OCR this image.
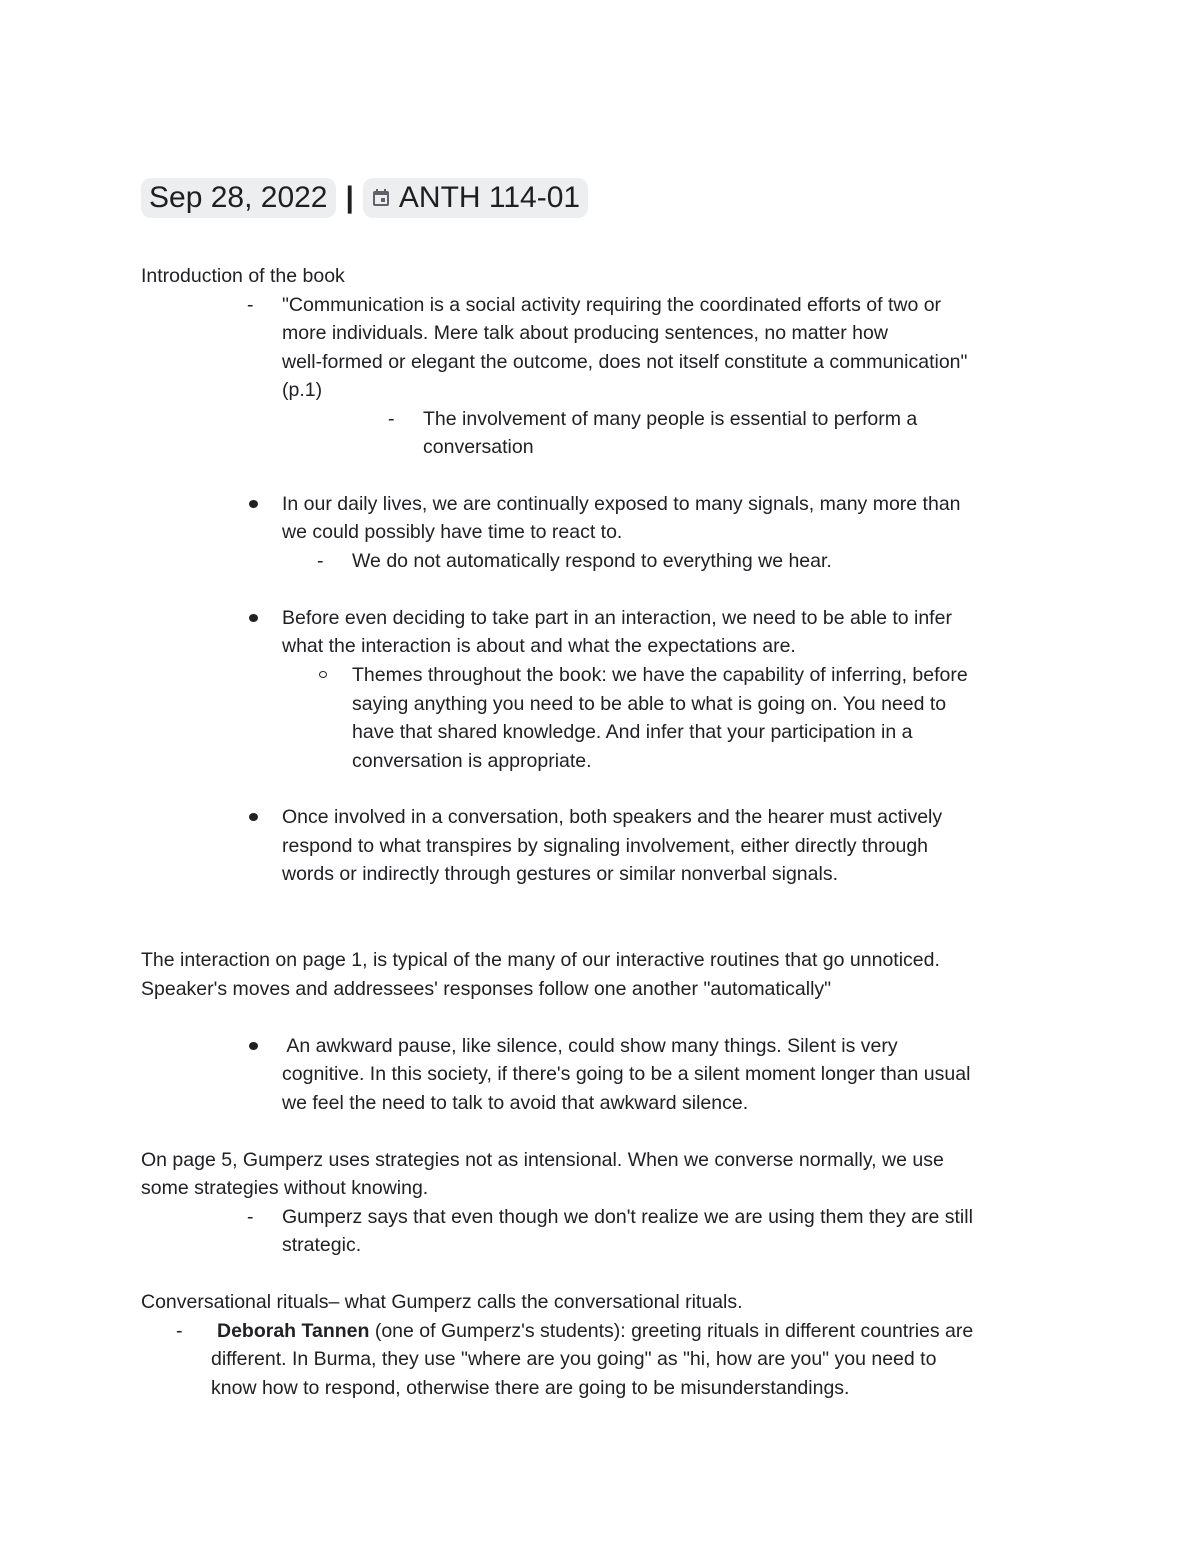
Sep 28, 2022 | ANTH 114-01
Introduction of the book
- "Communication is a social activity requiring the coordinated efforts of two or
more individuals. Mere talk about producing sentences, no matter how
well-formed or elegant the outcome, does not itself constitute a communication"
(p.1)
- The involvement of many people is essential to perform a
conversation
In our daily lives, we are continually exposed to many signals, many more than
we could possibly have time to react to.
- We do not automatically respond to everything we hear.
Before even deciding to take part in an interaction, we need to be able to infer
what the interaction is about and what the expectations are.
Themes throughout the book: we have the capability of inferring, before
saying anything you need to be able to what is going on. You need to
have that shared knowledge. And infer that your participation in a
conversation is appropriate.
Once involved in a conversation, both speakers and the hearer must actively
respond to what transpires by signaling involvement, either directly through
words or indirectly through gestures or similar nonverbal signals.
The interaction on page 1, is typical of the many of our interactive routines that go unnoticed.
Speaker's moves and addressees' responses follow one another "automatically"
An awkward pause, like silence, could show many things. Silent is very
cognitive. In this society, if there's going to be a silent moment longer than usual
we feel the need to talk to avoid that awkward silence.
On page 5, Gumperz uses strategies not as intensional. When we converse normally, we use
some strategies without knowing.
- Gumperz says that even though we don't realize we are using them they are still
strategic.
Conversational rituals– what Gumperz calls the conversational rituals.
- Deborah Tannen (one of Gumperz's students): greeting rituals in different countries are
different. In Burma, they use "where are you going" as "hi, how are you" you need to
know how to respond, otherwise there are going to be misunderstandings.
